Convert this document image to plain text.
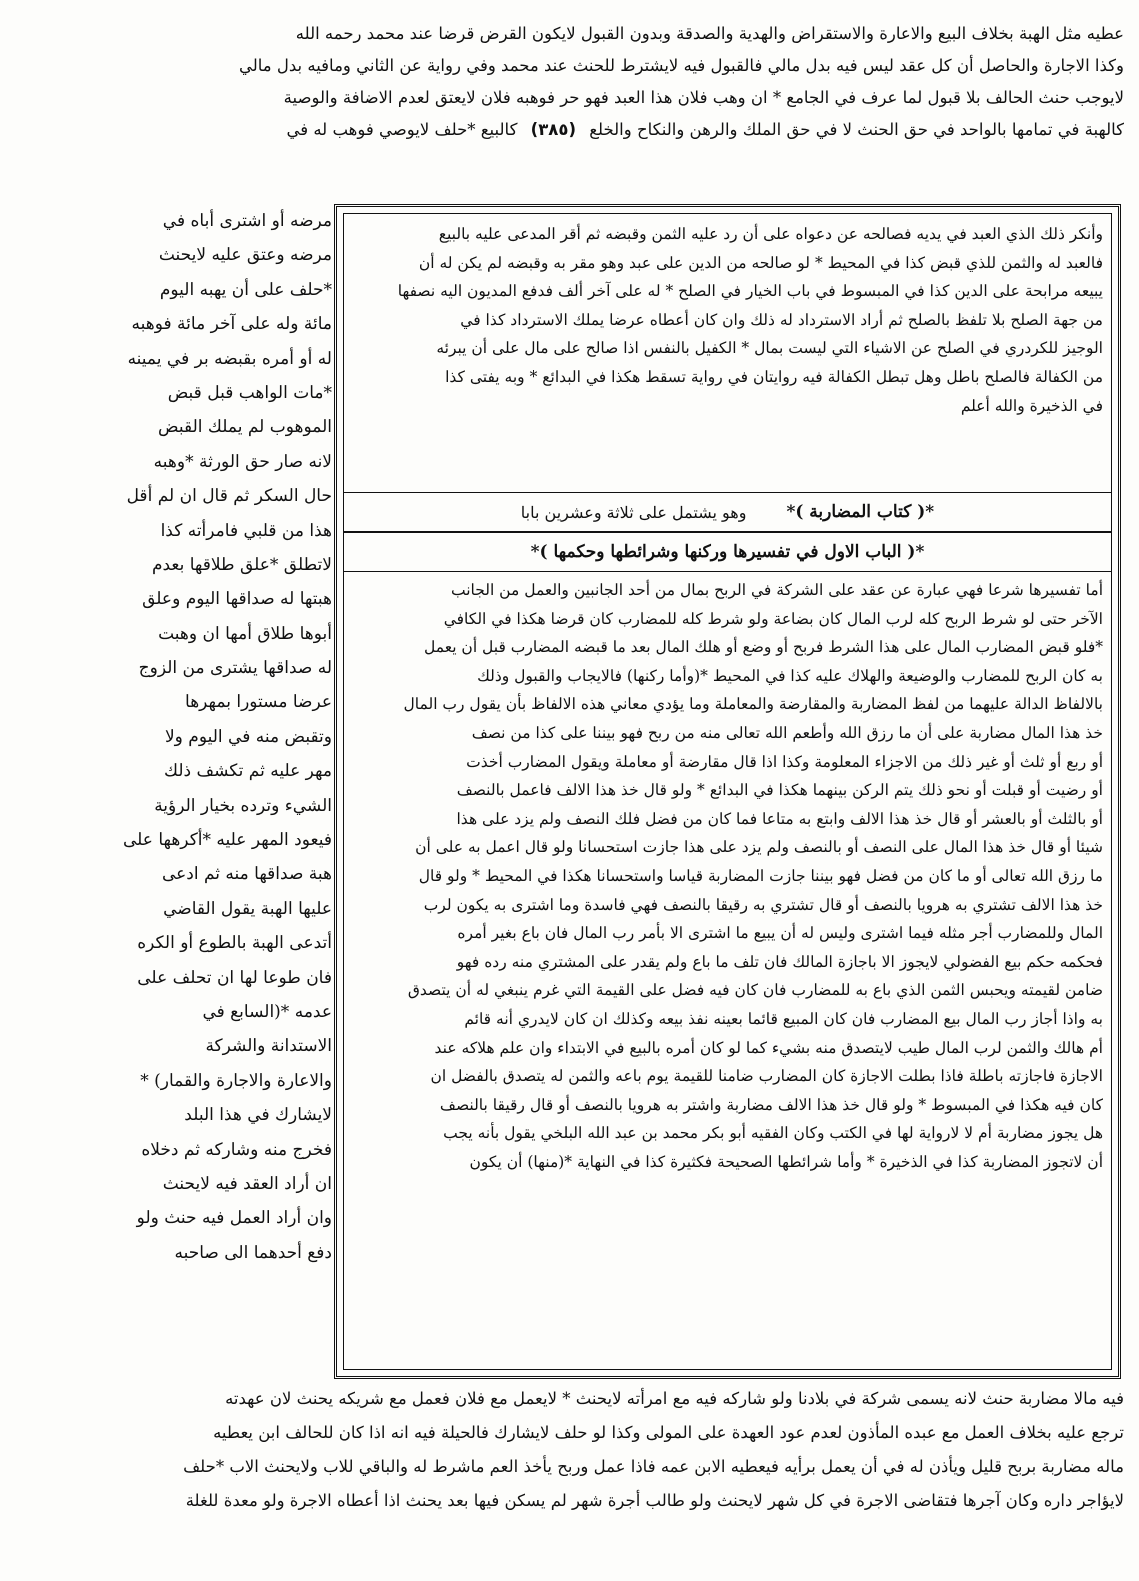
عطيه مثل الهبة بخلاف البيع والاعارة والاستقراض والهدية والصدقة وبدون القبول لايكون القرض قرضا عند محمد رحمه الله
وكذا الاجارة والحاصل أن كل عقد ليس فيه بدل مالي فالقبول فيه لايشترط للحنث عند محمد وفي رواية عن الثاني ومافيه بدل مالي
لايوجب حنث الحالف بلا قبول لما عرف في الجامع * ان وهب فلان هذا العبد فهو حر فوهبه فلان لايعتق لعدم الاضافة والوصية
كالهبة في تمامها بالواحد في حق الحنث لا في حق الملك والرهن والنكاح والخلع (٣٨٥) كالبيع *حلف لايوصي فوهب له في
مرضه أو اشترى أباه في
مرضه وعتق عليه لايحنث
*حلف على أن يهبه اليوم
مائة وله على آخر مائة فوهبه
له أو أمره بقبضه بر في يمينه
*مات الواهب قبل قبض
الموهوب لم يملك القبض
لانه صار حق الورثة *وهبه
حال السكر ثم قال ان لم أقل
هذا من قلبي فامرأته كذا
لاتطلق *علق طلاقها بعدم
هبتها له صداقها اليوم وعلق
أبوها طلاق أمها ان وهبت
له صداقها يشترى من الزوج
عرضا مستورا بمهرها
وتقبض منه في اليوم ولا
مهر عليه ثم تكشف ذلك
الشيء وترده بخيار الرؤية
فيعود المهر عليه *أكرهها على
هبة صداقها منه ثم ادعى
عليها الهبة يقول القاضي
أتدعى الهبة بالطوع أو الكره
فان طوعا لها ان تحلف على
عدمه *(السابع في
الاستدانة والشركة
والاعارة والاجارة والقمار) *
لايشارك في هذا البلد
فخرج منه وشاركه ثم دخلاه
ان أراد العقد فيه لايحنث
وان أراد العمل فيه حنث ولو
دفع أحدهما الى صاحبه
وأنكر ذلك الذي العبد في يديه فصالحه عن دعواه على أن رد عليه الثمن وقبضه ثم أقر المدعى عليه بالبيع
فالعبد له والثمن للذي قبض كذا في المحيط * لو صالحه من الدين على عبد وهو مقر به وقبضه لم يكن له أن
يبيعه مرابحة على الدين كذا في المبسوط في باب الخيار في الصلح * له على آخر ألف فدفع المديون اليه نصفها
من جهة الصلح بلا تلفظ بالصلح ثم أراد الاسترداد له ذلك وان كان أعطاه عرضا يملك الاسترداد كذا في
الوجيز للكردري في الصلح عن الاشياء التي ليست بمال * الكفيل بالنفس اذا صالح على مال على أن يبرئه
من الكفالة فالصلح باطل وهل تبطل الكفالة فيه روايتان في رواية تسقط هكذا في البدائع * وبه يفتى كذا
في الذخيرة والله أعلم
*( كتاب المضاربة )*
وهو يشتمل على ثلاثة وعشرين بابا
*( الباب الاول في تفسيرها وركنها وشرائطها وحكمها )*
أما تفسيرها شرعا فهي عبارة عن عقد على الشركة في الربح بمال من أحد الجانبين والعمل من الجانب
الآخر حتى لو شرط الربح كله لرب المال كان بضاعة ولو شرط كله للمضارب كان قرضا هكذا في الكافي
*فلو قبض المضارب المال على هذا الشرط فربح أو وضع أو هلك المال بعد ما قبضه المضارب قبل أن يعمل
به كان الربح للمضارب والوضيعة والهلاك عليه كذا في المحيط *(وأما ركنها) فالايجاب والقبول وذلك
بالالفاظ الدالة عليهما من لفظ المضاربة والمقارضة والمعاملة وما يؤدي معاني هذه الالفاظ بأن يقول رب المال
خذ هذا المال مضاربة على أن ما رزق الله وأطعم الله تعالى منه من ربح فهو بيننا على كذا من نصف
أو ربع أو ثلث أو غير ذلك من الاجزاء المعلومة وكذا اذا قال مقارضة أو معاملة ويقول المضارب أخذت
أو رضيت أو قبلت أو نحو ذلك يتم الركن بينهما هكذا في البدائع * ولو قال خذ هذا الالف فاعمل بالنصف
أو بالثلث أو بالعشر أو قال خذ هذا الالف وابتع به متاعا فما كان من فضل فلك النصف ولم يزد على هذا
شيئا أو قال خذ هذا المال على النصف أو بالنصف ولم يزد على هذا جازت استحسانا ولو قال اعمل به على أن
ما رزق الله تعالى أو ما كان من فضل فهو بيننا جازت المضاربة قياسا واستحسانا هكذا في المحيط * ولو قال
خذ هذا الالف تشتري به هرويا بالنصف أو قال تشتري به رقيقا بالنصف فهي فاسدة وما اشترى به يكون لرب
المال وللمضارب أجر مثله فيما اشترى وليس له أن يبيع ما اشترى الا بأمر رب المال فان باع بغير أمره
فحكمه حكم بيع الفضولي لايجوز الا باجازة المالك فان تلف ما باع ولم يقدر على المشتري منه رده فهو
ضامن لقيمته ويحبس الثمن الذي باع به للمضارب فان كان فيه فضل على القيمة التي غرم ينبغي له أن يتصدق
به واذا أجاز رب المال بيع المضارب فان كان المبيع قائما بعينه نفذ بيعه وكذلك ان كان لايدري أنه قائم
أم هالك والثمن لرب المال طيب لايتصدق منه بشيء كما لو كان أمره بالبيع في الابتداء وان علم هلاكه عند
الاجازة فاجازته باطلة فاذا بطلت الاجازة كان المضارب ضامنا للقيمة يوم باعه والثمن له يتصدق بالفضل ان
كان فيه هكذا في المبسوط * ولو قال خذ هذا الالف مضاربة واشتر به هرويا بالنصف أو قال رقيقا بالنصف
هل يجوز مضاربة أم لا لارواية لها في الكتب وكان الفقيه أبو بكر محمد بن عبد الله البلخي يقول بأنه يجب
أن لاتجوز المضاربة كذا في الذخيرة * وأما شرائطها الصحيحة فكثيرة كذا في النهاية *(منها) أن يكون
فيه مالا مضاربة حنث لانه يسمى شركة في بلادنا ولو شاركه فيه مع امرأته لايحنث * لايعمل مع فلان فعمل مع شريكه يحنث لان عهدته
ترجع عليه بخلاف العمل مع عبده المأذون لعدم عود العهدة على المولى وكذا لو حلف لايشارك فالحيلة فيه انه اذا كان للحالف ابن يعطيه
ماله مضاربة بربح قليل ويأذن له في أن يعمل برأيه فيعطيه الابن عمه فاذا عمل وربح يأخذ العم ماشرط له والباقي للاب ولايحنث الاب *حلف
لايؤاجر داره وكان آجرها فتقاضى الاجرة في كل شهر لايحنث ولو طالب أجرة شهر لم يسكن فيها بعد يحنث اذا أعطاه الاجرة ولو معدة للغلة
